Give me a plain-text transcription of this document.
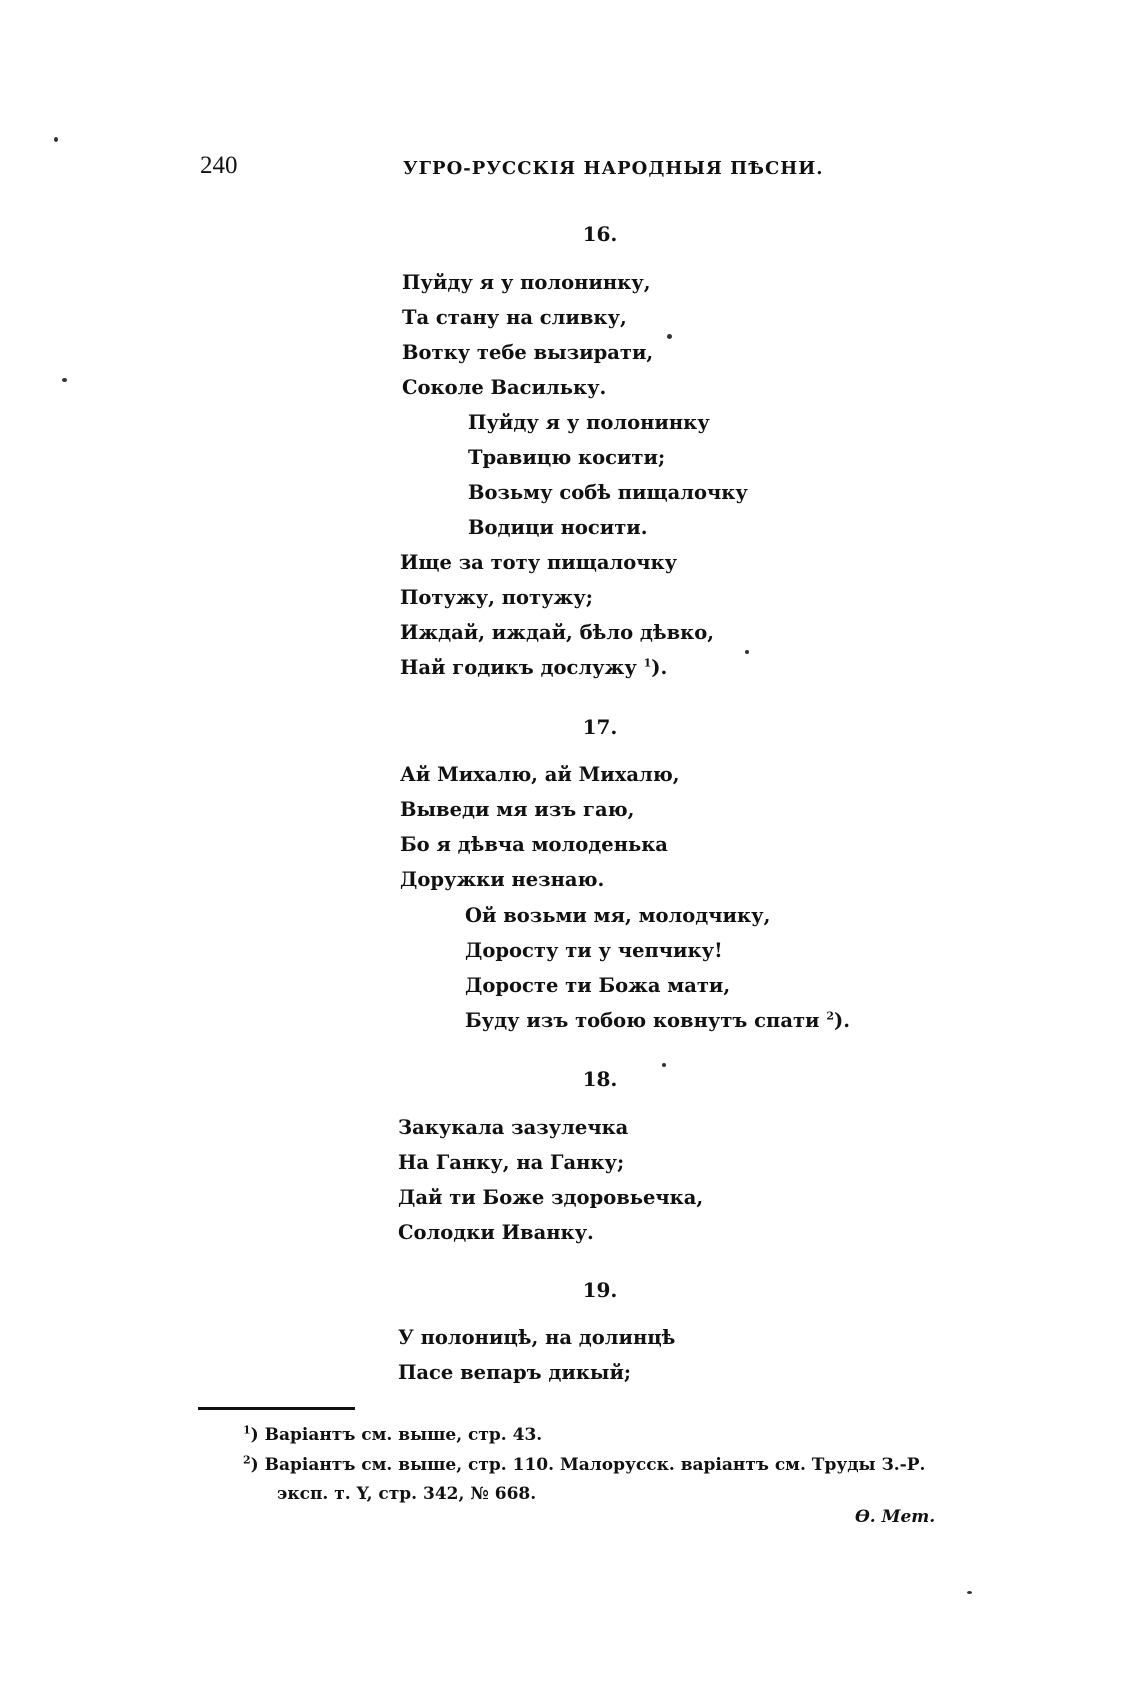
240	УГРО-РУССКІЯ НАРОДНЫЯ ПѢСНИ.
16.
Пуйду я у полонинку,
Та стану на сливку,
Вотку тебе вызирати,
Соколе Васильку.
Пуйду я у полонинку
Травицю косити;
Возьму собѣ пищалочку
Водици носити.
Ище за тоту пищалочку
Потужу, потужу;
Иждай, иждай, бѣло дѣвко,
Най годикъ дослужу $^1$).
17.
Ай Михалю, ай Михалю,
Выведи мя изъ гаю,
Бо я дѣвча молоденька
Доружки незнаю.
Ой возьми мя, молодчику,
Доросту ти у чепчику!
Доросте ти Божа мати,
Буду изъ тобою ковнутъ спати $^2$).
18.
Закукала зазулечка
На Ганку, на Ганку;
Дай ти Боже здоровьечка,
Солодки Иванку.
19.
У полоницѣ, на долинцѣ
Пасе вепаръ дикый;
$^1$) Варіантъ см. выше, стр. 43.
$^2$) Варіантъ см. выше, стр. 110. Малорусск. варіантъ см. Труды З.-Р.
эксп. т. Y, стр. 342, № 668.
Ѳ. Мет.
